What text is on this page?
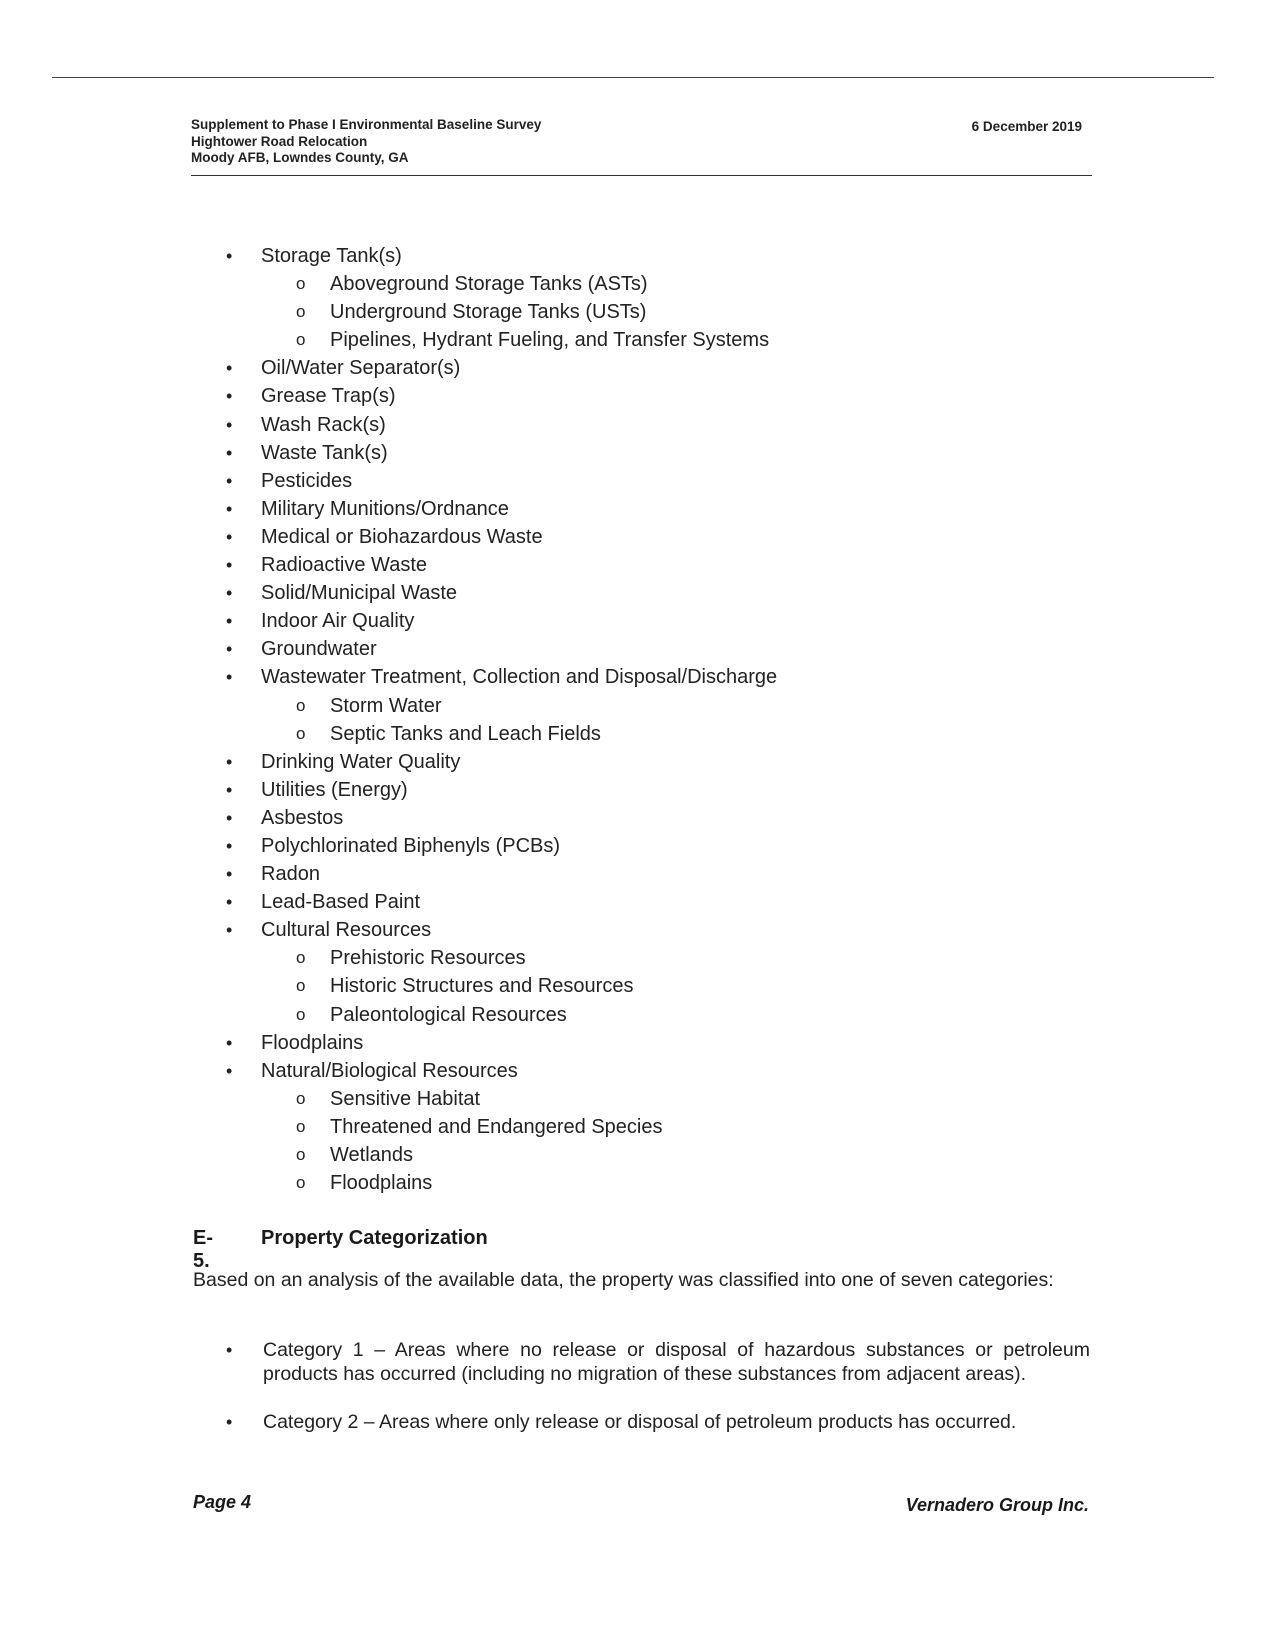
Supplement to Phase I Environmental Baseline Survey
Hightower Road Relocation
Moody AFB, Lowndes County, GA
6 December 2019
• Storage Tank(s)
o Aboveground Storage Tanks (ASTs)
o Underground Storage Tanks (USTs)
o Pipelines, Hydrant Fueling, and Transfer Systems
• Oil/Water Separator(s)
• Grease Trap(s)
• Wash Rack(s)
• Waste Tank(s)
• Pesticides
• Military Munitions/Ordnance
• Medical or Biohazardous Waste
• Radioactive Waste
• Solid/Municipal Waste
• Indoor Air Quality
• Groundwater
• Wastewater Treatment, Collection and Disposal/Discharge
o Storm Water
o Septic Tanks and Leach Fields
• Drinking Water Quality
• Utilities (Energy)
• Asbestos
• Polychlorinated Biphenyls (PCBs)
• Radon
• Lead-Based Paint
• Cultural Resources
o Prehistoric Resources
o Historic Structures and Resources
o Paleontological Resources
• Floodplains
• Natural/Biological Resources
o Sensitive Habitat
o Threatened and Endangered Species
o Wetlands
o Floodplains
E-5.
Property Categorization
Based on an analysis of the available data, the property was classified into one of seven categories:
• Category 1 – Areas where no release or disposal of hazardous substances or petroleum products has occurred (including no migration of these substances from adjacent areas).
• Category 2 – Areas where only release or disposal of petroleum products has occurred.
Page 4	Vernadero Group Inc.
